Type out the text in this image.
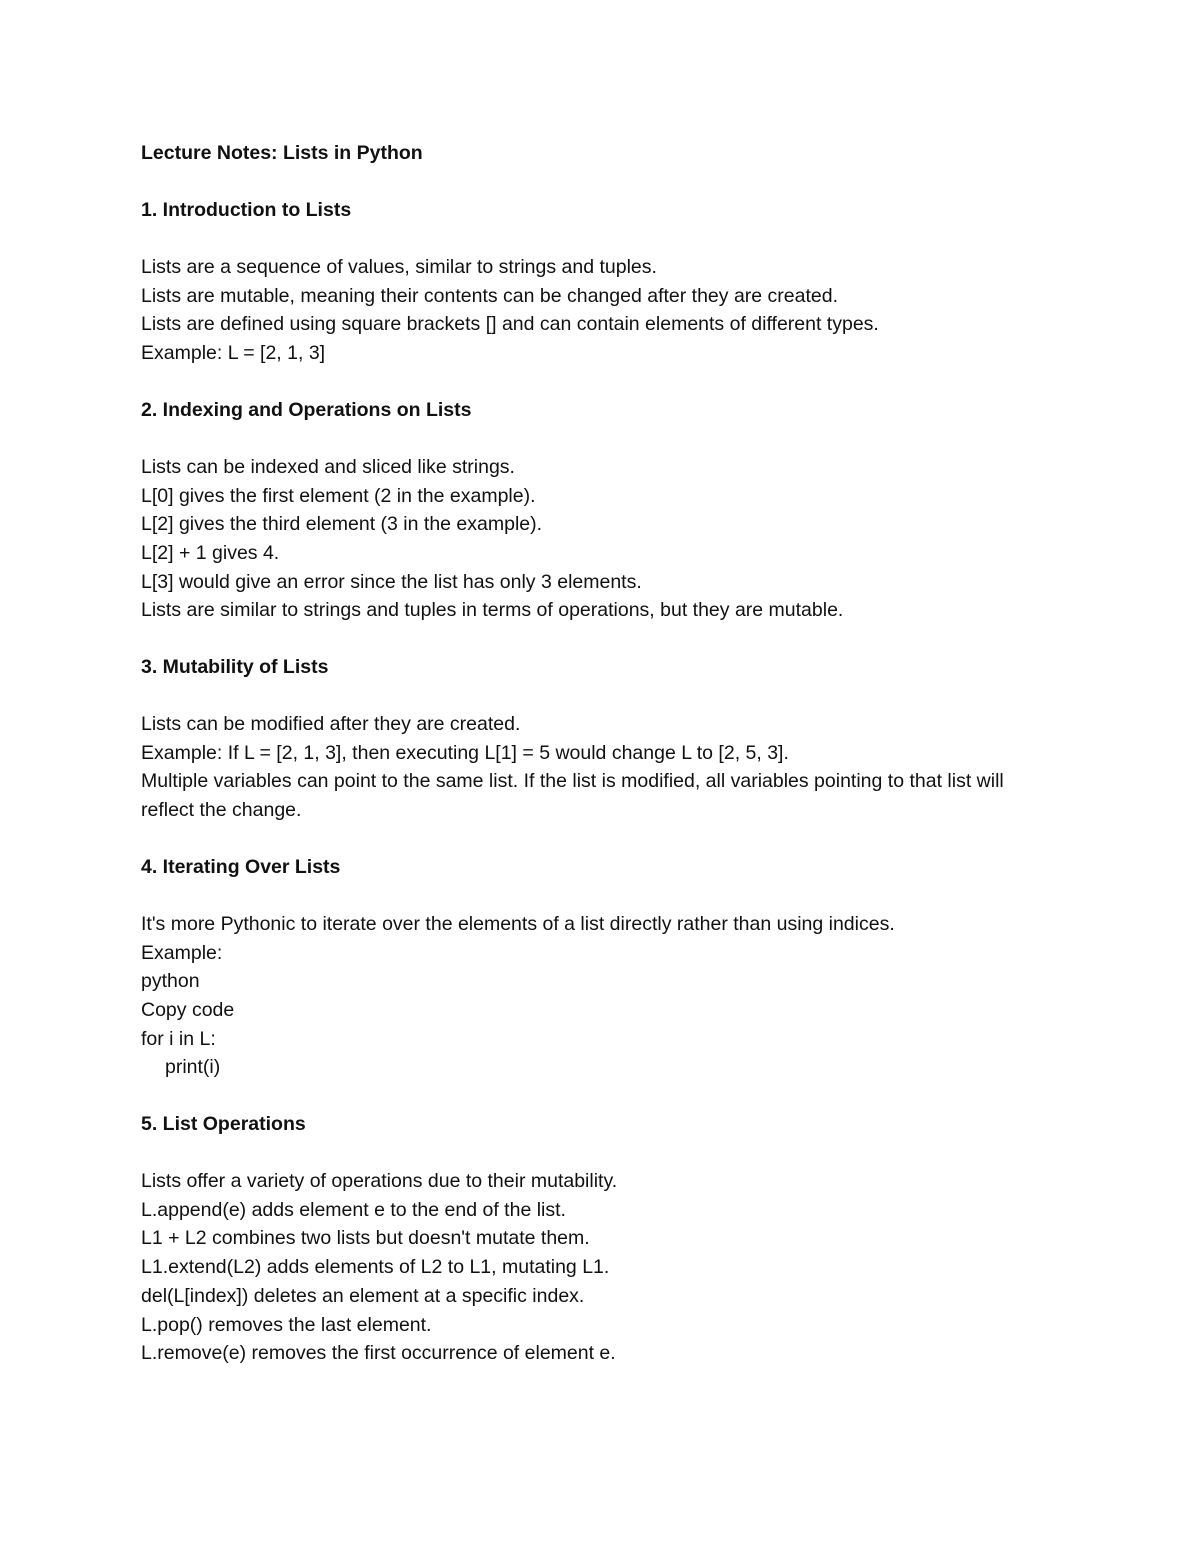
Lecture Notes: Lists in Python
1. Introduction to Lists

Lists are a sequence of values, similar to strings and tuples.

Lists are mutable, meaning their contents can be changed after they are created.

Lists are defined using square brackets [] and can contain elements of different types.

Example: L = [2, 1, 3]

2. Indexing and Operations on Lists

Lists can be indexed and sliced like strings.

L[0] gives the first element (2 in the example).

L[2] gives the third element (3 in the example).

L[2] + 1 gives 4.

L[3] would give an error since the list has only 3 elements.

Lists are similar to strings and tuples in terms of operations, but they are mutable.

3. Mutability of Lists

Lists can be modified after they are created.

Example: If L = [2, 1, 3], then executing L[1] = 5 would change L to [2, 5, 3].

Multiple variables can point to the same list. If the list is modified, all variables pointing to that list will reflect the change.

4. Iterating Over Lists

It's more Pythonic to iterate over the elements of a list directly rather than using indices.

Example:

python

Copy code

for i in L:

print(i)

5. List Operations

Lists offer a variety of operations due to their mutability.

L.append(e) adds element e to the end of the list.

L1 + L2 combines two lists but doesn't mutate them.

L1.extend(L2) adds elements of L2 to L1, mutating L1.

del(L[index]) deletes an element at a specific index.

L.pop() removes the last element.

L.remove(e) removes the first occurrence of element e.
